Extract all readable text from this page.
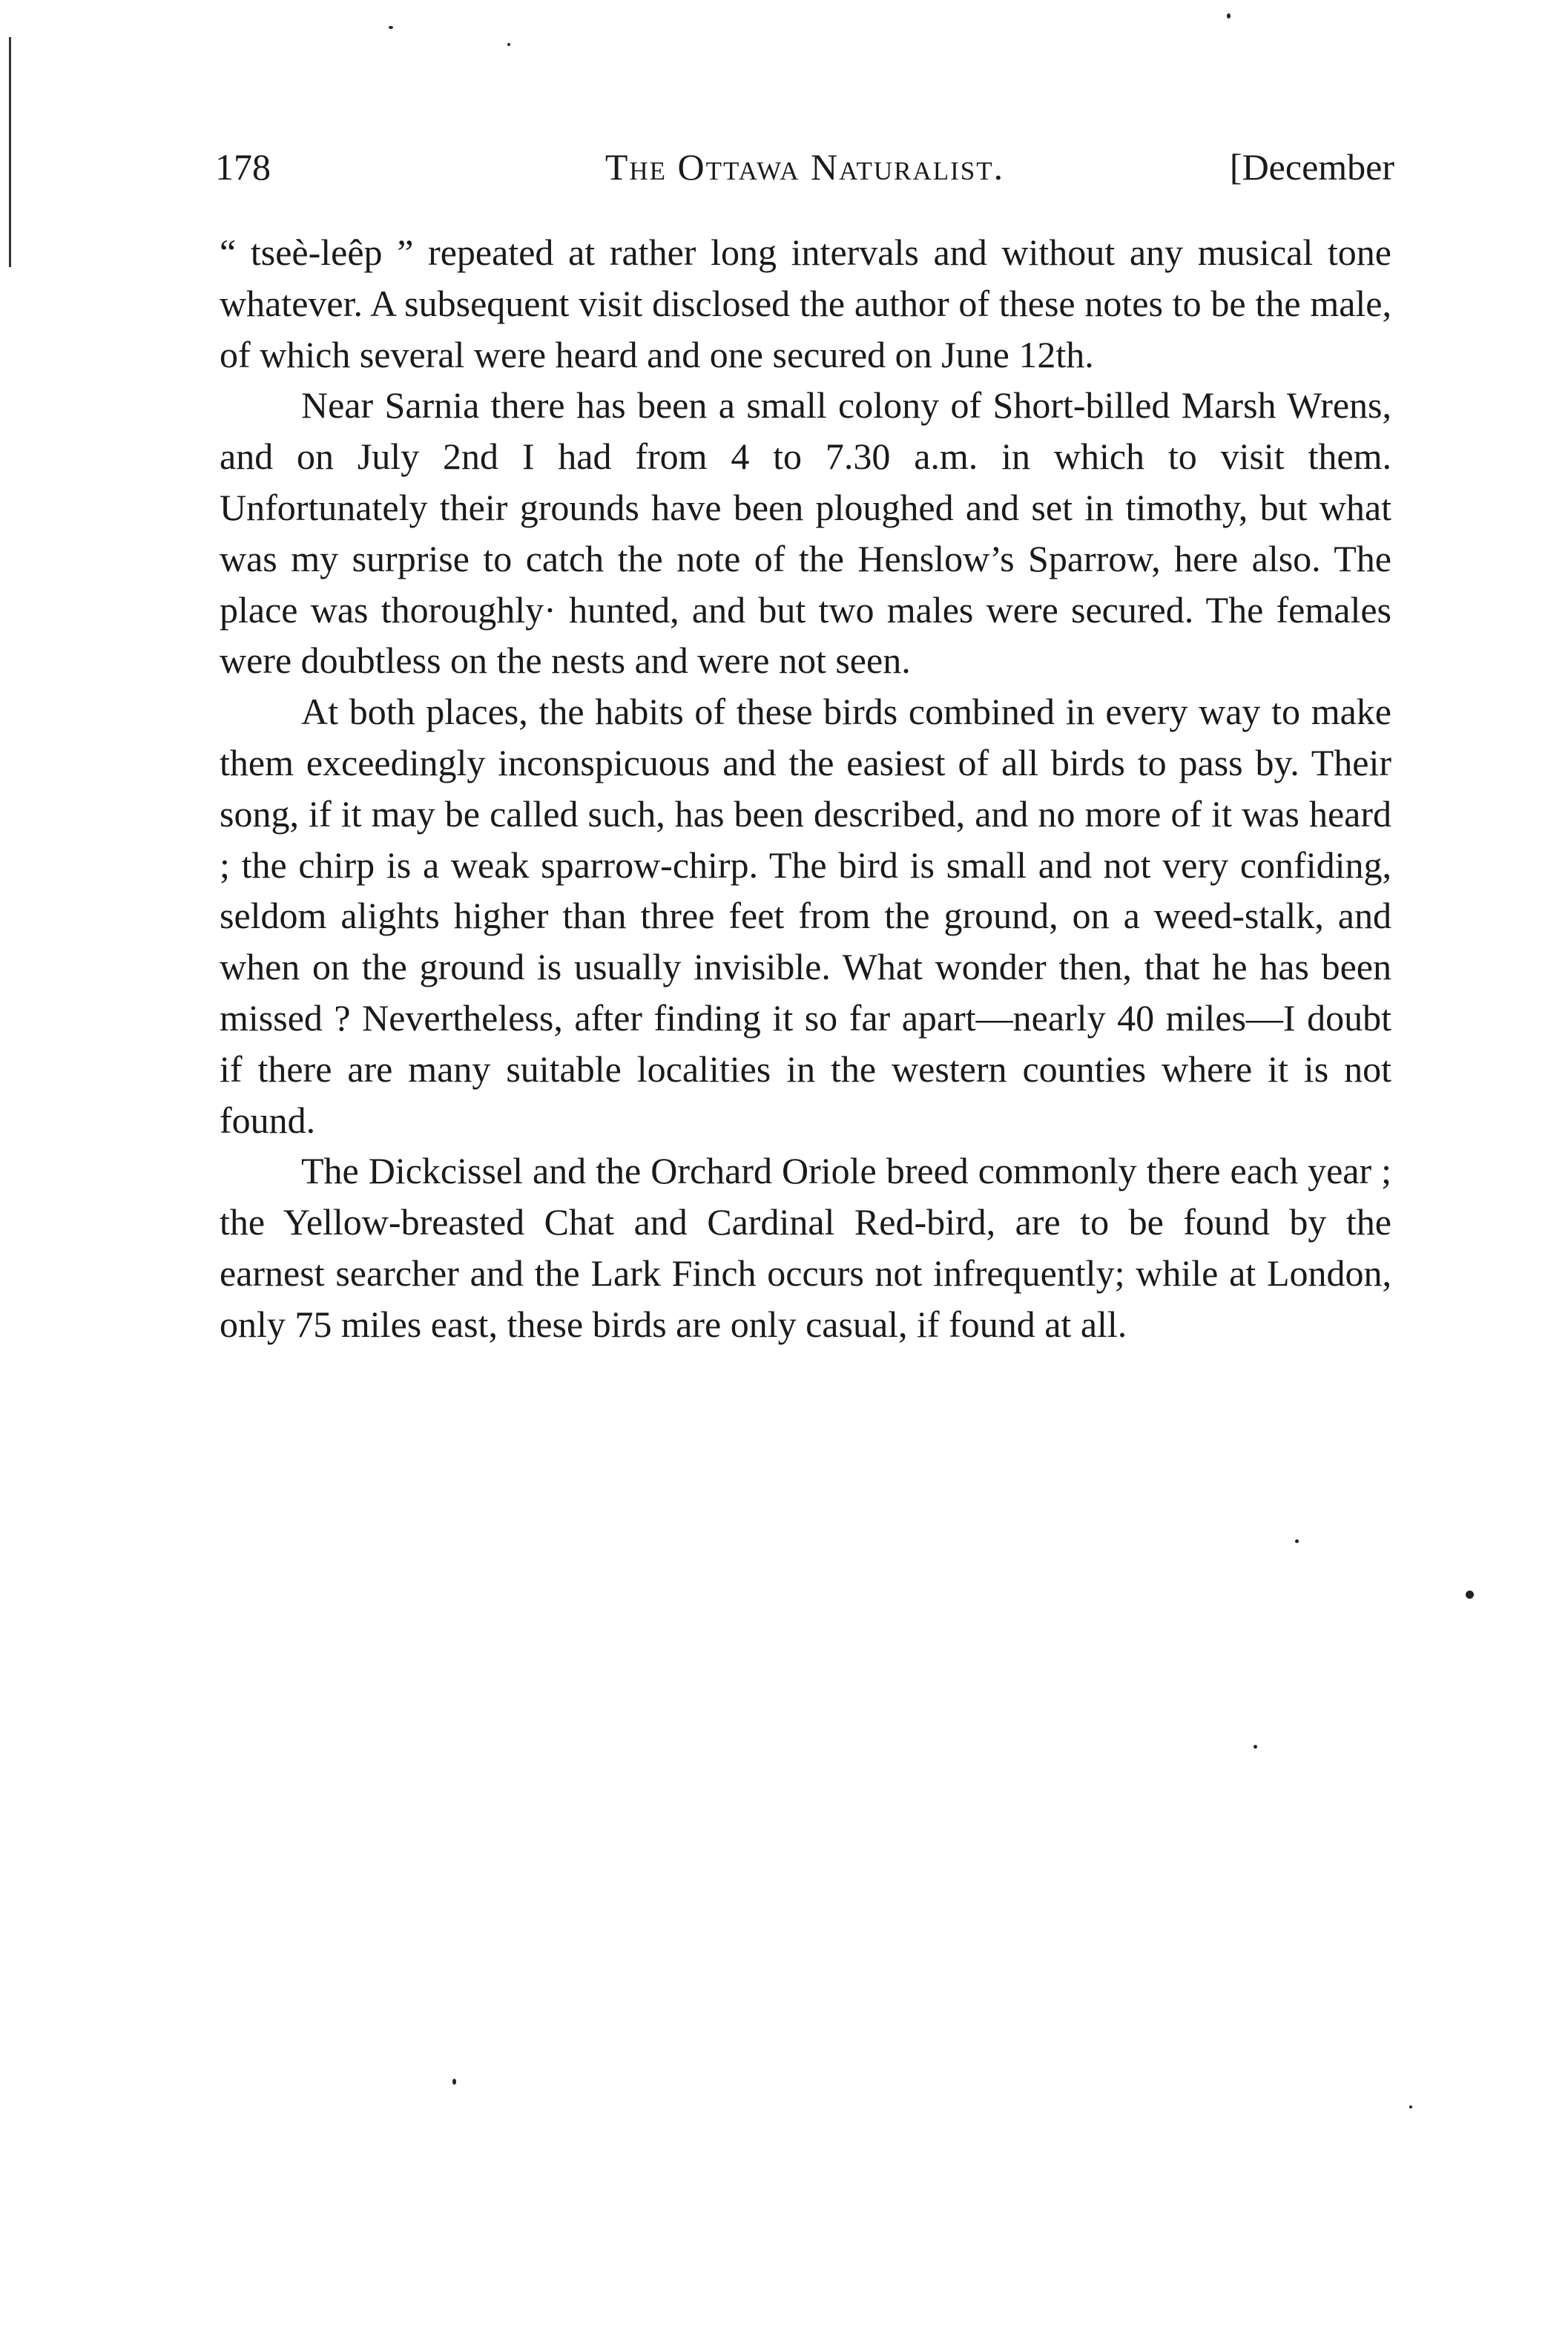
178	The Ottawa Naturalist.	[December

“ tseè-leêp ” repeated at rather long intervals and without any musical tone whatever. A subsequent visit disclosed the author of these notes to be the male, of which several were heard and one secured on June 12th.

Near Sarnia there has been a small colony of Short-billed Marsh Wrens, and on July 2nd I had from 4 to 7.30 a.m. in which to visit them. Unfortunately their grounds have been ploughed and set in timothy, but what was my surprise to catch the note of the Henslow’s Sparrow, here also. The place was thoroughly· hunted, and but two males were secured. The females were doubtless on the nests and were not seen.

At both places, the habits of these birds combined in every way to make them exceedingly inconspicuous and the easiest of all birds to pass by. Their song, if it may be called such, has been described, and no more of it was heard ; the chirp is a weak sparrow-chirp. The bird is small and not very confiding, seldom alights higher than three feet from the ground, on a weed-stalk, and when on the ground is usually invisible. What wonder then, that he has been missed ? Nevertheless, after finding it so far apart—nearly 40 miles—I doubt if there are many suitable localities in the western counties where it is not found.

The Dickcissel and the Orchard Oriole breed commonly there each year ; the Yellow-breasted Chat and Cardinal Red-bird, are to be found by the earnest searcher and the Lark Finch occurs not infrequently; while at London, only 75 miles east, these birds are only casual, if found at all.
